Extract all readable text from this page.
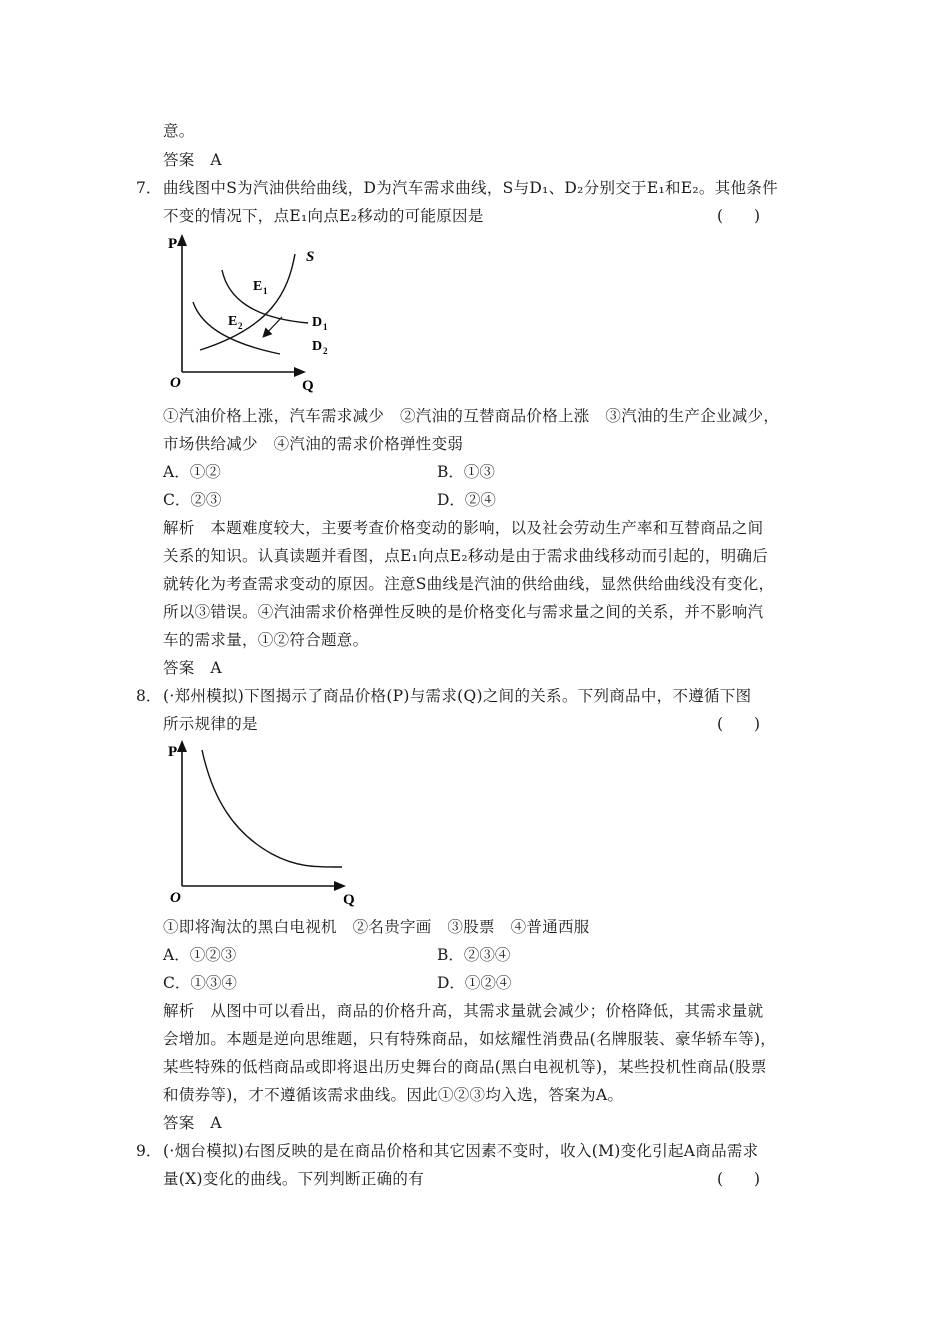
意。
答案　A
7． 曲线图中S为汽油供给曲线，D为汽车需求曲线，S与D₁、D₂分别交于E₁和E₂。其他条件
不变的情况下，点E₁向点E₂移动的可能原因是	(　　)
P
O	Q
S
E 1
E 2	D 1
D 2
①汽油价格上涨，汽车需求减少　②汽油的互替商品价格上涨　③汽油的生产企业减少，
市场供给减少　④汽油的需求价格弹性变弱
A．①②	B．①③
C．②③	D．②④
解析　本题难度较大，主要考查价格变动的影响，以及社会劳动生产率和互替商品之间
关系的知识。认真读题并看图，点E₁向点E₂移动是由于需求曲线移动而引起的，明确后
就转化为考查需求变动的原因。注意S曲线是汽油的供给曲线，显然供给曲线没有变化，
所以③错误。④汽油需求价格弹性反映的是价格变化与需求量之间的关系，并不影响汽
车的需求量，①②符合题意。
答案　A
8． (·郑州模拟)下图揭示了商品价格(P)与需求(Q)之间的关系。下列商品中，不遵循下图
所示规律的是	(　　)
P
O	Q
①即将淘汰的黑白电视机　②名贵字画　③股票　④普通西服
A．①②③	B．②③④
C．①③④	D．①②④
解析　从图中可以看出，商品的价格升高，其需求量就会减少；价格降低，其需求量就
会增加。本题是逆向思维题，只有特殊商品，如炫耀性消费品(名牌服装、豪华轿车等)，
某些特殊的低档商品或即将退出历史舞台的商品(黑白电视机等)，某些投机性商品(股票
和债券等)，才不遵循该需求曲线。因此①②③均入选，答案为A。
答案　A
9． (·烟台模拟)右图反映的是在商品价格和其它因素不变时，收入(M)变化引起A商品需求
量(X)变化的曲线。下列判断正确的有	(　　)
